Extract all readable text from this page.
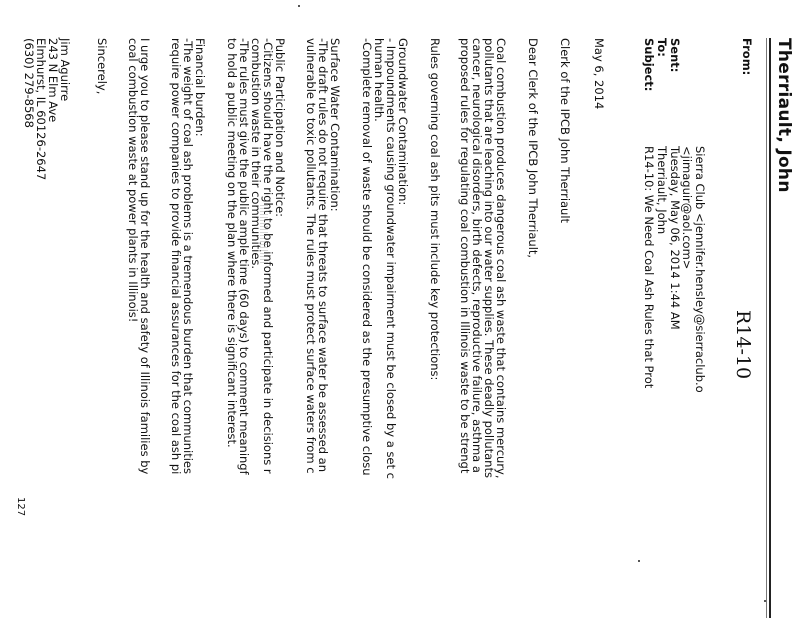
Therriault, John
R14-10
From:
Sierra Club <jennifer.hensley@sierraclub.o
<jimaguir@aol.com>
Sent:
Tuesday, May 06, 2014 1:44 AM
To:
Therriault, John
Subject:
R14-10: We Need Coal Ash Rules that Prot
May 6, 2014
Clerk of the IPCB John Therriault
Dear Clerk of the IPCB John Therriault,
Coal combustion produces dangerous coal ash waste that contains mercury,
pollutants that are leaching into our water supplies. These deadly pollutants
cancer, neurological disorders, birth defects, reproductive failure, asthma a
proposed rules for regulating coal combustion in Illinois waste to be strengt
Rules governing coal ash pits must include key protections:
Groundwater Contamination:
- Impoundments causing groundwater impairment must be closed by a set c
human health.
-Complete removal of waste should be considered as the presumptive closu
Surface Water Contamination:
-The draft rules do not require that threats to surface water be assessed an
vulnerable to toxic pollutants. The rules must protect surface waters from c
Public Participation and Notice:
-Citizens should have the right to be informed and participate in decisions r
combustion waste in their communities.
-The rules must give the public ample time (60 days) to comment meaningf
to hold a public meeting on the plan where there is significant interest.
Financial burden:
-The weight of coal ash problems is a tremendous burden that communities
require power companies to provide financial assurances for the coal ash pi
I urge you to please stand up for the health and safety of Illinois families by
coal combustion waste at power plants in Illinois!
Sincerely,
Jim Aguirre
243 N Elm Ave
Elmhurst, IL 60126-2647
(630) 279-8568
127
